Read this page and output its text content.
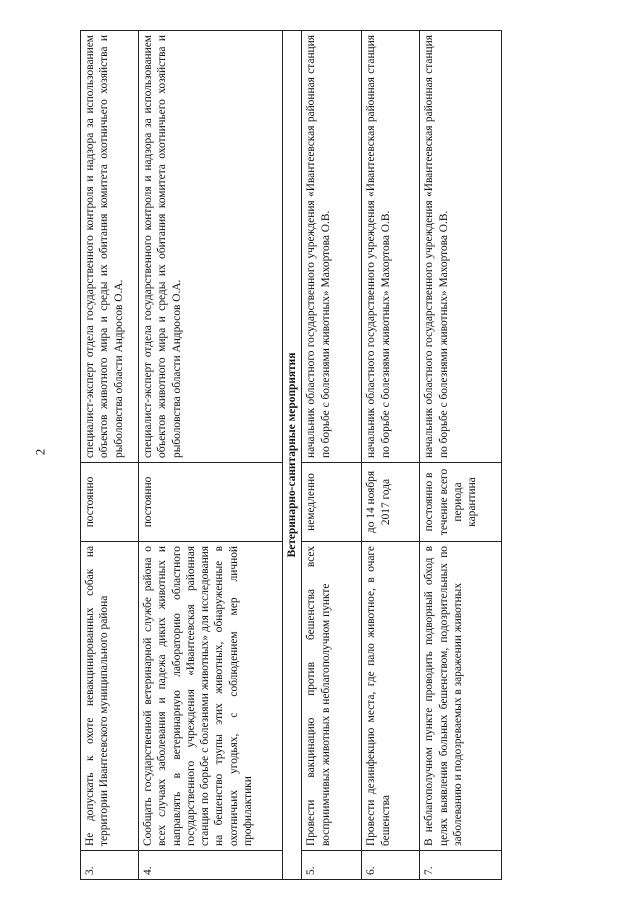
2
3.	Не допускать к охоте невакцинированных собак на территории Ивантеевского муниципального района	постоянно	специалист-эксперт отдела государственного контроля и надзора за использованием объектов животного мира и среды их обитания комитета охотничьего хозяйства и рыболовства области Андросов О.А.
4.	Сообщать государственной ветеринарной службе района о всех случаях заболевания и падежа диких животных и направлять в ветеринарную лабораторию областного государственного учреждения «Ивантеевская районная станция по борьбе с болезнями животных» для исследования на бешенство трупы этих животных, обнаруженные в охотничьих угодьях, с соблюдением мер личной профилактики	постоянно	специалист-эксперт отдела государственного контроля и надзора за использованием объектов животного мира и среды их обитания комитета охотничьего хозяйства и рыболовства области Андросов О.А.
Ветеринарно-санитарные мероприятия			
5.	Провести вакцинацию против бешенства всех восприимчивых животных в неблагополучном пункте	немедленно	начальник областного государственного учреждения «Ивантеевская районная станция по борьбе с болезнями животных» Махортова О.В.
6.	Провести дезинфекцию места, где пало животное, в очаге бешенства	до 14 ноября 2017 года	начальник областного государственного учреждения «Ивантеевская районная станция по борьбе с болезнями животных» Махортова О.В.
7.	В неблагополучном пункте проводить подворный обход в целях выявления больных бешенством, подозрительных по заболеванию и подозреваемых в заражении животных	постоянно в течение всего периода карантина	начальник областного государственного учреждения «Ивантеевская районная станция по борьбе с болезнями животных» Махортова О.В.
